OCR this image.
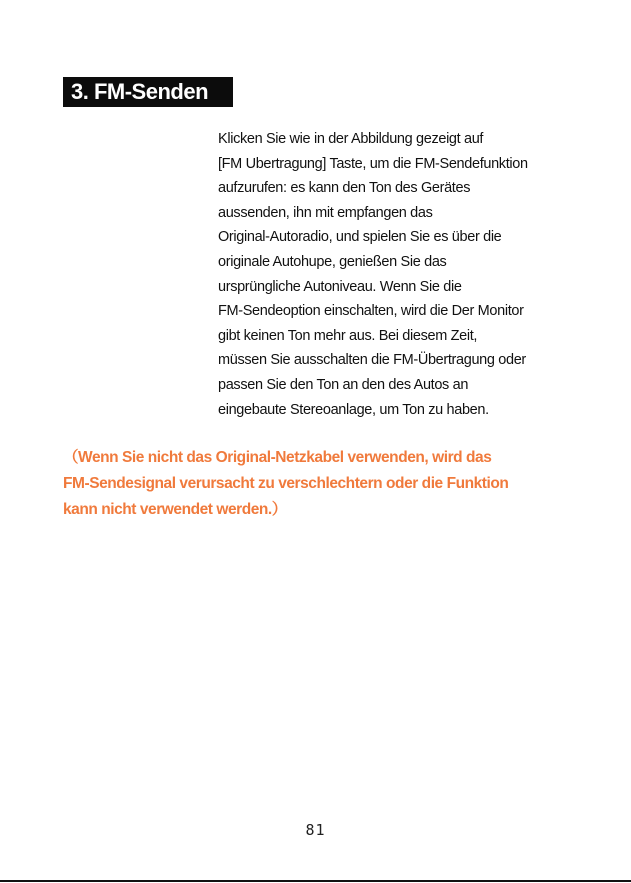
3. FM-Senden

Klicken Sie wie in der Abbildung gezeigt auf
[FM Ubertragung] Taste, um die FM-Sendefunktion
aufzurufen: es kann den Ton des Gerätes
aussenden, ihn mit empfangen das
Original-Autoradio, und spielen Sie es über die
originale Autohupe, genießen Sie das
ursprüngliche Autoniveau. Wenn Sie die
FM-Sendeoption einschalten, wird die Der Monitor
gibt keinen Ton mehr aus. Bei diesem Zeit,
müssen Sie ausschalten die FM-Übertragung oder
passen Sie den Ton an den des Autos an
eingebaute Stereoanlage, um Ton zu haben.

（Wenn Sie nicht das Original-Netzkabel verwenden, wird das
FM-Sendesignal verursacht zu verschlechtern oder die Funktion
kann nicht verwendet werden.）

81
